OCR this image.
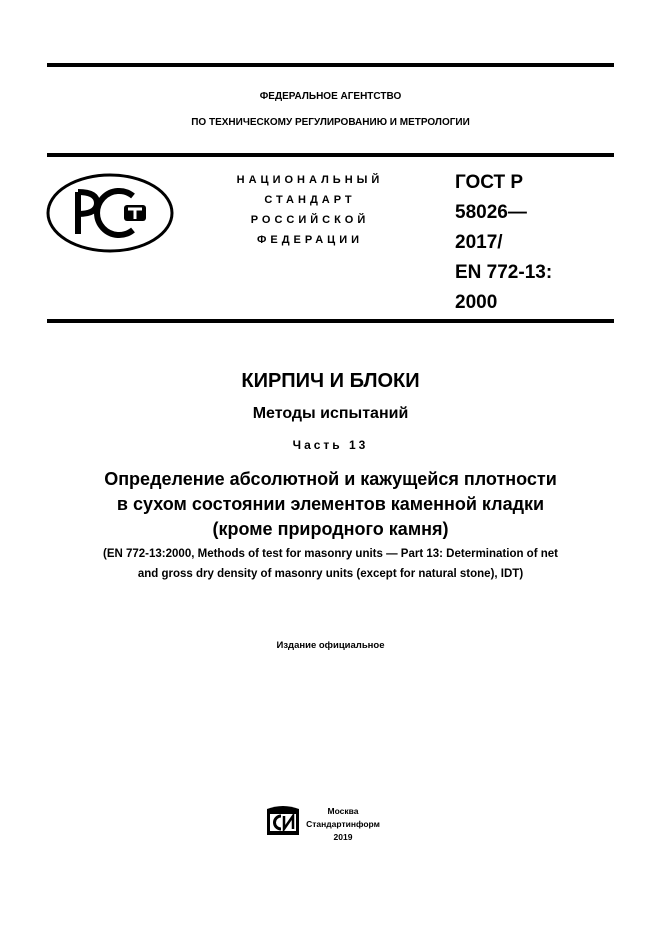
ФЕДЕРАЛЬНОЕ АГЕНТСТВО
ПО ТЕХНИЧЕСКОМУ РЕГУЛИРОВАНИЮ И МЕТРОЛОГИИ
НАЦИОНАЛЬНЫЙ
СТАНДАРТ
РОССИЙСКОЙ
ФЕДЕРАЦИИ
ГОСТ Р
58026—
2017/
EN 772-13:
2000
КИРПИЧ И БЛОКИ
Методы испытаний
Часть 13
Определение абсолютной и кажущейся плотности
в сухом состоянии элементов каменной кладки
(кроме природного камня)
(EN 772-13:2000, Methods of test for masonry units — Part 13: Determination of net
and gross dry density of masonry units (except for natural stone), IDT)
Издание официальное
Москва
Стандартинформ
2019
